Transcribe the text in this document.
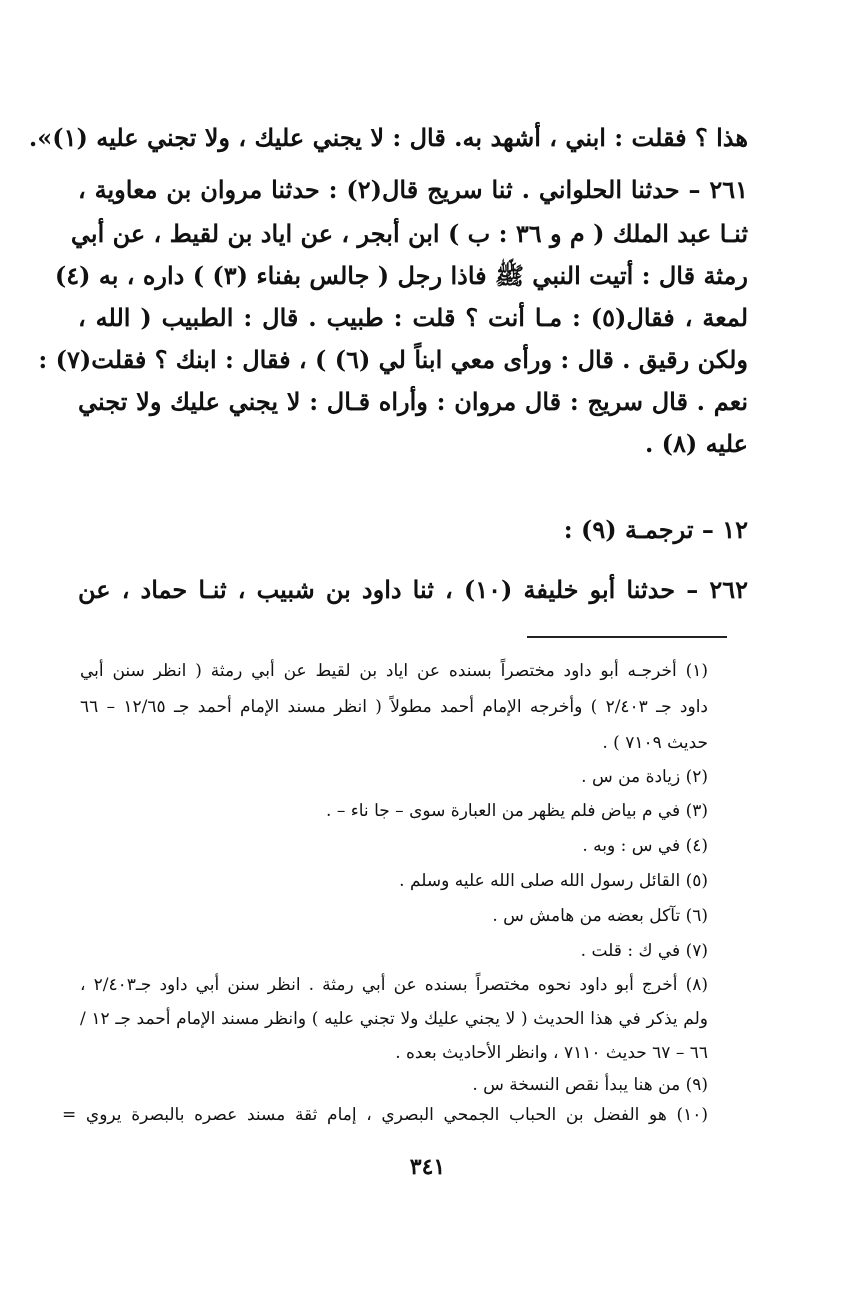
هذا ؟ فقلت : ابني ، أشهد به. قال : لا يجني عليك ، ولا تجني عليه (١)».
٢٦١ – حدثنا الحلواني . ثنا سريج قال(٢) : حدثنا مروان بن معاوية ،
ثنـا عبد الملك ( م و ٣٦ : ب ) ابن أبجر ، عن اياد بن لقيط ، عن أبي
رمثة قال : أتيت النبي ﷺ فاذا رجل ( جالس بفناء (٣) ) داره ، به (٤)
لمعة ، فقال(٥) : مـا أنت ؟ قلت : طبيب . قال : الطبيب ( الله ،
ولكن رقيق . قال : ورأى معي ابناً لي (٦) ) ، فقال : ابنك ؟ فقلت(٧) :
نعم . قال سريج : قال مروان : وأراه قـال : لا يجني عليك ولا تجني
عليه (٨) .
١٢ – ترجمـة (٩) :
٢٦٢ – حدثنا أبو خليفة (١٠) ، ثنا داود بن شبيب ، ثنـا حماد ، عن
(١) أخرجـه أبو داود مختصراً بسنده عن اياد بن لقيط عن أبي رمثة ( انظر سنن أبي
داود جـ ٢/٤٠٣ ) وأخرجه الإمام أحمد مطولاً ( انظر مسند الإمام أحمد جـ ١٢/٦٥ – ٦٦
حديث ٧١٠٩ ) .
(٢) زيادة من س .
(٣) في م بياض فلم يظهر من العبارة سوى – جا ناء – .
(٤) في س : وبه .
(٥) القائل رسول الله صلى الله عليه وسلم .
(٦) تآكل بعضه من هامش س .
(٧) في ك : قلت .
(٨) أخرج أبو داود نحوه مختصراً بسنده عن أبي رمثة . انظر سنن أبي داود جـ٢/٤٠٣ ،
ولم يذكر في هذا الحديث ( لا يجني عليك ولا تجني عليه ) وانظر مسند الإمام أحمد جـ ١٢ /
٦٦ – ٦٧ حديث ٧١١٠ ، وانظر الأحاديث بعده .
(٩) من هنا يبدأ نقص النسخة س .
(١٠) هو الفضل بن الحباب الجمحي البصري ، إمام ثقة مسند عصره بالبصرة يروي =
٣٤١
